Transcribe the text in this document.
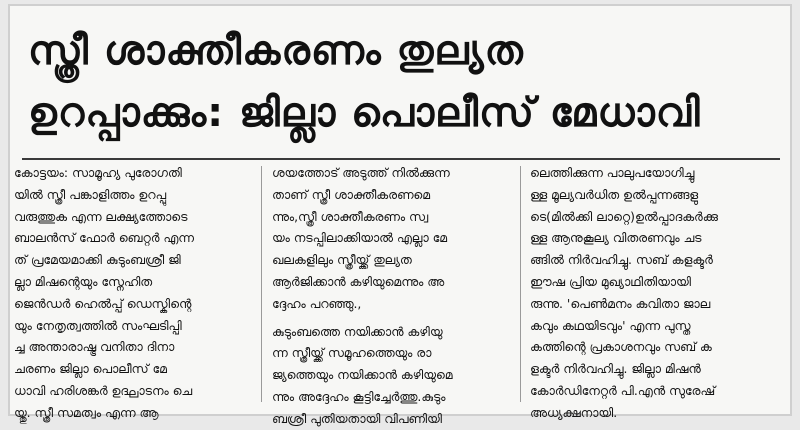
സ്ത്രീ ശാക്തീകരണം തുല്യത
ഉറപ്പാക്കും: ജില്ലാ പൊലീസ് മേധാവി
കോട്ടയം: സാമൂഹ്യ പുരോഗതി
യിൽ സ്ത്രീ പങ്കാളിത്തം ഉറപ്പു
വരുത്തുക എന്ന ലക്ഷ്യത്തോടെ
ബാലൻസ് ഫോർ ബെറ്റർ എന്ന
ത് പ്രമേയമാക്കി കുടുംബശ്രീ ജി
ല്ലാ മിഷന്റെയും സ്നേഹിത
ജെൻഡർ ഹെൽപ്പ് ഡെസ്കിന്റെ
യും നേതൃത്വത്തിൽ സംഘടിപ്പി
ച്ച അന്താരാഷ്ട്ര വനിതാ ദിനാ
ചരണം ജില്ലാ പൊലീസ് മേ
ധാവി ഹരിശങ്കർ ഉദ്ഘാടനം ചെ
യ്തു. സ്ത്രീ സമത്വം എന്ന ആ
ശയത്തോട് അടുത്ത് നിൽക്കുന്ന
താണ് സ്ത്രീ ശാക്തീകരണമെ
ന്നും,സ്ത്രീ ശാക്തീകരണം സ്വ
യം നടപ്പിലാക്കിയാൽ എല്ലാ മേ
ഖലകളിലും സ്ത്രീയ്ക്ക് തുല്യത
ആർജിക്കാൻ കഴിയുമെന്നും അ
ദ്ദേഹം പറഞ്ഞു.,
കുടുംബത്തെ നയിക്കാൻ കഴിയു
ന്ന സ്ത്രീയ്ക്ക് സമൂഹത്തെയും രാ
ജ്യത്തെയും നയിക്കാൻ കഴിയുമെ
ന്നും അദ്ദേഹം കൂട്ടിച്ചേർത്തു.കുടും
ബശ്രീ പുതിയതായി വിപണിയി
ലെത്തിക്കുന്ന പാലുപയോഗിച്ചു
ള്ള മൂല്യവർധിത ഉൽപ്പന്നങ്ങളു
ടെ(മിൽക്കി ലാറ്റെ)ഉൽപ്പാദകർക്കു
ള്ള ആനുകൂല്യ വിതരണവും ചട
ങ്ങിൽ നിർവഹിച്ചു. സബ് കളക്ടർ
ഈഷ പ്രിയ മുഖ്യാഥിതിയായി
രുന്നു. 'പെൺമനം കവിതാ ജാല
കവും കഥയിടവും' എന്ന പുസ്ത
കത്തിന്റെ പ്രകാശനവും സബ് ക
ളക്ടർ നിർവഹിച്ചു. ജില്ലാ മിഷൻ
കോർഡിനേറ്റർ പി.എൻ സുരേഷ്
അധ്യക്ഷനായി.
